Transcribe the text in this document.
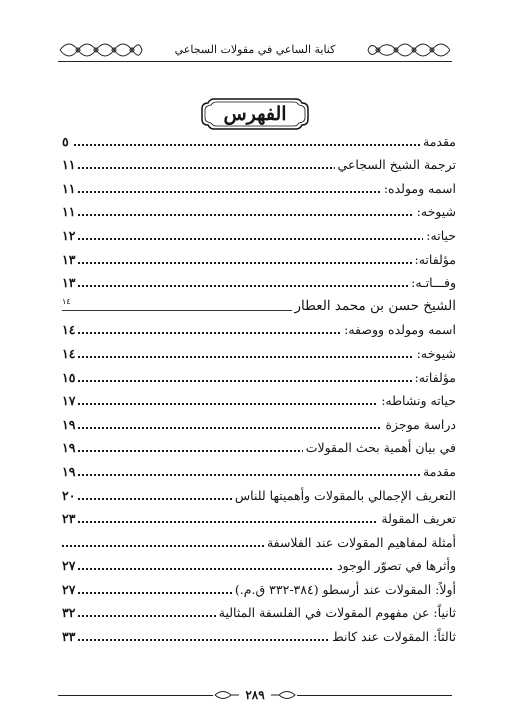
كناية الساعي في مقولات السجاعي
الفهرس
مقدمة
٥
ترجمة الشيخ السجاعي
١١
اسمه ومولده:
١١
شيوخه:
١١
حياته:
١٢
مؤلفاته:
١٣
وفـــاتـه:
١٣
الشيخ حسن بن محمد العطار
١٤
اسمه ومولده ووصفه:
١٤
شيوخه:
١٤
مؤلفاته:
١٥
حياته ونشاطه:
١٧
دراسة موجزة
١٩
في بيان أهمية بحث المقولات
١٩
مقدمة
١٩
التعريف الإجمالي بالمقولات وأهميتها للناس
٢٠
تعريف المقولة
٢٣
أمثلة لمفاهيم المقولات عند الفلاسفة
وأثرها في تصوّر الوجود
٢٧
أولاً: المقولات عند أرسطو (٣٨٤-٣٣٢ ق.م.)
٢٧
ثانياً: عن مفهوم المقولات في الفلسفة المثالية
٣٢
ثالثاً: المقولات عند كانط
٣٣
٢٨٩
